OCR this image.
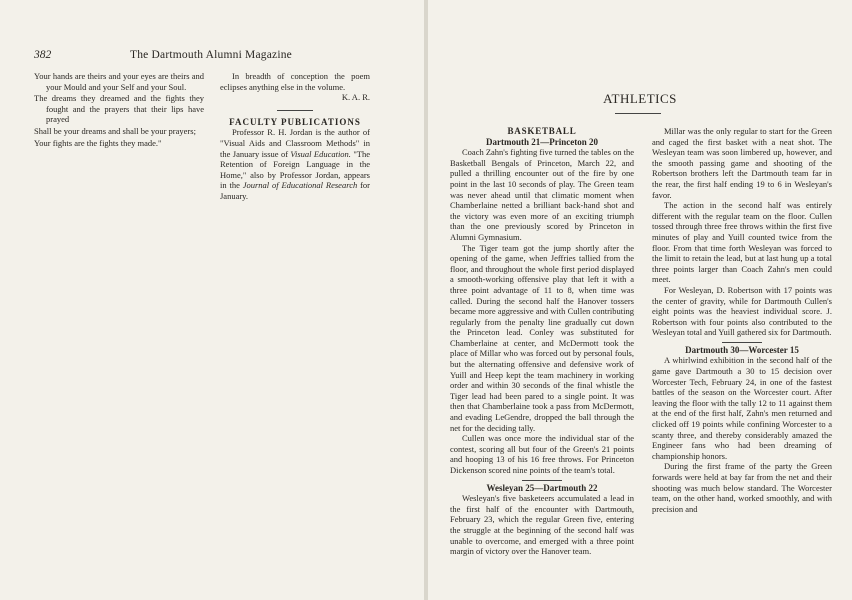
382	The Dartmouth Alumni Magazine

Your hands are theirs and your eyes are theirs and your Mould and your Self and your Soul.

The dreams they dreamed and the fights they fought and the prayers that their lips have prayed

Shall be your dreams and shall be your prayers;

Your fights are the fights they made."

In breadth of conception the poem eclipses anything else in the volume.

K. A. R.

FACULTY PUBLICATIONS

Professor R. H. Jordan is the author of "Visual Aids and Classroom Methods" in the January issue of Visual Education. "The Retention of Foreign Language in the Home," also by Professor Jordan, appears in the Journal of Educational Research for January.

ATHLETICS

BASKETBALL

Dartmouth 21—Princeton 20

Coach Zahn's fighting five turned the tables on the Basketball Bengals of Princeton, March 22, and pulled a thrilling encounter out of the fire by one point in the last 10 seconds of play. The Green team was never ahead until that climatic moment when Chamberlaine netted a brilliant back-hand shot and the victory was even more of an exciting triumph than the one previously scored by Princeton in Alumni Gymnasium.

The Tiger team got the jump shortly after the opening of the game, when Jeffries tallied from the floor, and throughout the whole first period displayed a smooth-working offensive play that left it with a three point advantage of 11 to 8, when time was called. During the second half the Hanover tossers became more aggressive and with Cullen contributing regularly from the penalty line gradually cut down the Princeton lead. Conley was substituted for Chamberlaine at center, and McDermott took the place of Millar who was forced out by personal fouls, but the alternating offensive and defensive work of Yuill and Heep kept the team machinery in working order and within 30 seconds of the final whistle the Tiger lead had been pared to a single point. It was then that Chamberlaine took a pass from McDermott, and evading LeGendre, dropped the ball through the net for the deciding tally.

Cullen was once more the individual star of the contest, scoring all but four of the Green's 21 points and hooping 13 of his 16 free throws. For Princeton Dickenson scored nine points of the team's total.

Wesleyan 25—Dartmouth 22

Wesleyan's five basketeers accumulated a lead in the first half of the encounter with Dartmouth, February 23, which the regular Green five, entering the struggle at the beginning of the second half was unable to overcome, and emerged with a three point margin of victory over the Hanover team.

Millar was the only regular to start for the Green and caged the first basket with a neat shot. The Wesleyan team was soon limbered up, however, and the smooth passing game and shooting of the Robertson brothers left the Dartmouth team far in the rear, the first half ending 19 to 6 in Wesleyan's favor.

The action in the second half was entirely different with the regular team on the floor. Cullen tossed through three free throws within the first five minutes of play and Yuill counted twice from the floor. From that time forth Wesleyan was forced to the limit to retain the lead, but at last hung up a total three points larger than Coach Zahn's men could meet.

For Wesleyan, D. Robertson with 17 points was the center of gravity, while for Dartmouth Cullen's eight points was the heaviest individual score. J. Robertson with four points also contributed to the Wesleyan total and Yuill gathered six for Dartmouth.

Dartmouth 30—Worcester 15

A whirlwind exhibition in the second half of the game gave Dartmouth a 30 to 15 decision over Worcester Tech, February 24, in one of the fastest battles of the season on the Worcester court. After leaving the floor with the tally 12 to 11 against them at the end of the first half, Zahn's men returned and clicked off 19 points while confining Worcester to a scanty three, and thereby considerably amazed the Engineer fans who had been dreaming of championship honors.

During the first frame of the party the Green forwards were held at bay far from the net and their shooting was much below standard. The Worcester team, on the other hand, worked smoothly, and with precision and
